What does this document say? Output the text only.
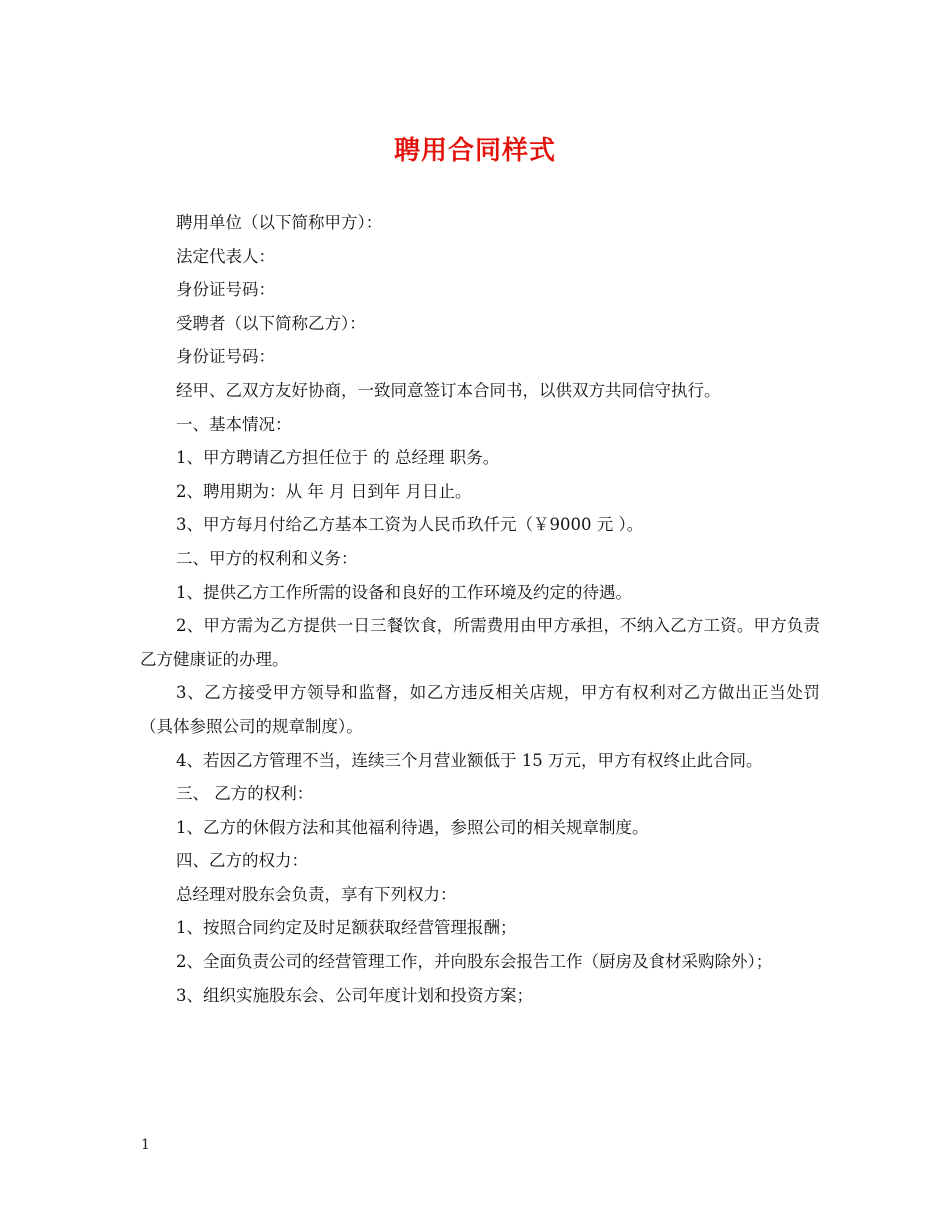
聘用合同样式

聘用单位（以下简称甲方）：

法定代表人：

身份证号码：

受聘者（以下简称乙方）：

身份证号码：

经甲、乙双方友好协商，一致同意签订本合同书，以供双方共同信守执行。

一、基本情况：

1、甲方聘请乙方担任位于 的 总经理 职务。

2、聘用期为：从 年 月 日到年 月日止。

3、甲方每月付给乙方基本工资为人民币玖仟元（￥9000 元 ）。

二、甲方的权利和义务：

1、提供乙方工作所需的设备和良好的工作环境及约定的待遇。

2、甲方需为乙方提供一日三餐饮食，所需费用由甲方承担，不纳入乙方工资。甲方负责乙方健康证的办理。

3、乙方接受甲方领导和监督，如乙方违反相关店规，甲方有权利对乙方做出正当处罚（具体参照公司的规章制度）。

4、若因乙方管理不当，连续三个月营业额低于 15 万元，甲方有权终止此合同。

三、 乙方的权利：

1、乙方的休假方法和其他福利待遇，参照公司的相关规章制度。

四、乙方的权力：

总经理对股东会负责，享有下列权力：

1、按照合同约定及时足额获取经营管理报酬；

2、全面负责公司的经营管理工作，并向股东会报告工作（厨房及食材采购除外）；

3、组织实施股东会、公司年度计划和投资方案；

1
